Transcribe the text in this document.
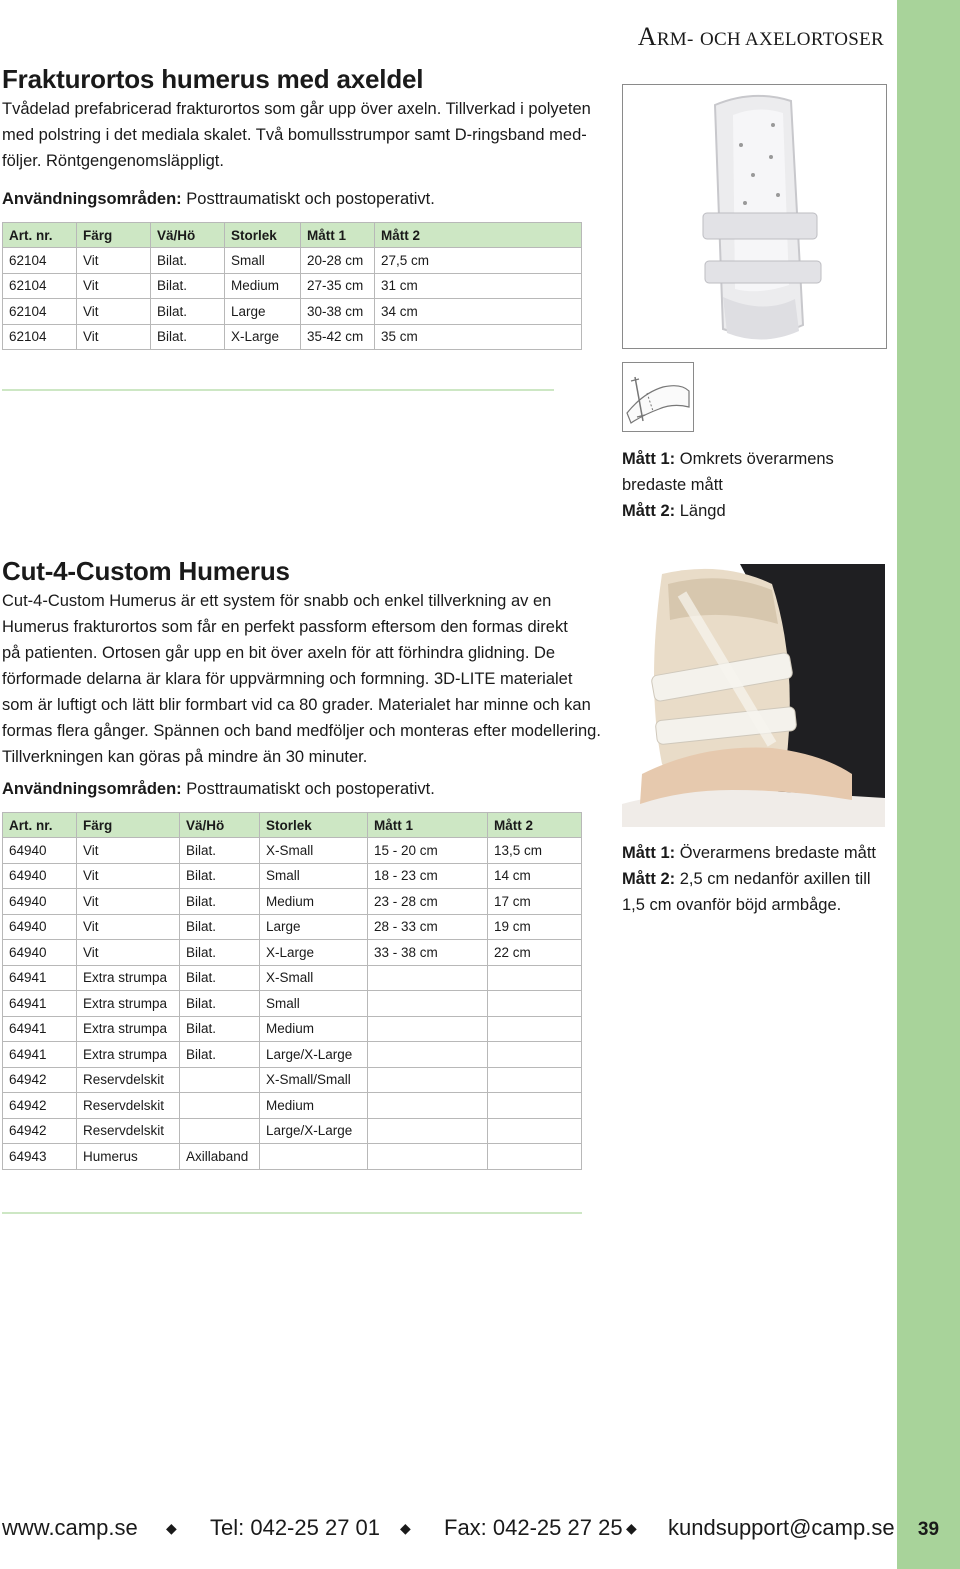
39
ARM- OCH AXELORTOSER
Frakturortos humerus med axeldel
Tvådelad prefabricerad frakturortos som går upp över axeln. Tillverkad i polyeten
med polstring i det mediala skalet. Två bomullsstrumpor samt D-ringsband med-
följer. Röntgengenomsläppligt.
Användningsområden: Posttraumatiskt och postoperativt.
Art. nr.	Färg	Vä/Hö	Storlek	Mått 1	Mått 2
62104	Vit	Bilat.	Small	20-28 cm	27,5 cm
62104	Vit	Bilat.	Medium	27-35 cm	31 cm
62104	Vit	Bilat.	Large	30-38 cm	34 cm
62104	Vit	Bilat.	X-Large	35-42 cm	35 cm
Mått 1: Omkrets överarmens
bredaste mått
Mått 2: Längd
Cut-4-Custom Humerus
Cut-4-Custom Humerus är ett system för snabb och enkel tillverkning av en
Humerus frakturortos som får en perfekt passform eftersom den formas direkt
på patienten. Ortosen går upp en bit över axeln för att förhindra glidning. De
förformade delarna är klara för uppvärmning och formning. 3D-LITE materialet
som är luftigt och lätt blir formbart vid ca 80 grader. Materialet har minne och kan
formas flera gånger. Spännen och band medföljer och monteras efter modellering.
Tillverkningen kan göras på mindre än 30 minuter.
Användningsområden: Posttraumatiskt och postoperativt.
Art. nr.	Färg	Vä/Hö	Storlek	Mått 1	Mått 2
64940	Vit	Bilat.	X-Small	15 - 20 cm	13,5 cm
64940	Vit	Bilat.	Small	18 - 23 cm	14 cm
64940	Vit	Bilat.	Medium	23 - 28 cm	17 cm
64940	Vit	Bilat.	Large	28 - 33 cm	19 cm
64940	Vit	Bilat.	X-Large	33 - 38 cm	22 cm
64941	Extra strumpa	Bilat.	X-Small		
64941	Extra strumpa	Bilat.	Small		
64941	Extra strumpa	Bilat.	Medium		
64941	Extra strumpa	Bilat.	Large/X-Large		
64942	Reservdelskit		X-Small/Small		
64942	Reservdelskit		Medium		
64942	Reservdelskit		Large/X-Large		
64943	Humerus	Axillaband			
Mått 1: Överarmens bredaste mått
Mått 2: 2,5 cm nedanför axillen till
1,5 cm ovanför böjd armbåge.
www.camp.se ◆ Tel: 042-25 27 01 ◆ Fax: 042-25 27 25 ◆ kundsupport@camp.se
